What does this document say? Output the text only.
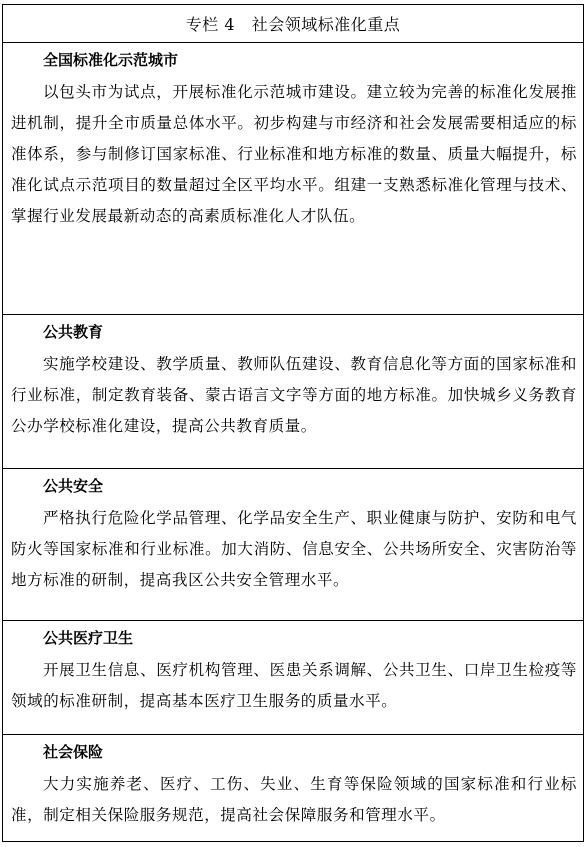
专栏 4   社会领域标准化重点
全国标准化示范城市

以包头市为试点，开展标准化示范城市建设。建立较为完善的标准化发展推进机制，提升全市质量总体水平。初步构建与市经济和社会发展需要相适应的标准体系，参与制修订国家标准、行业标准和地方标准的数量、质量大幅提升，标准化试点示范项目的数量超过全区平均水平。组建一支熟悉标准化管理与技术、掌握行业发展最新动态的高素质标准化人才队伍。

公共教育

实施学校建设、教学质量、教师队伍建设、教育信息化等方面的国家标准和行业标准，制定教育装备、蒙古语言文字等方面的地方标准。加快城乡义务教育公办学校标准化建设，提高公共教育质量。

公共安全

严格执行危险化学品管理、化学品安全生产、职业健康与防护、安防和电气防火等国家标准和行业标准。加大消防、信息安全、公共场所安全、灾害防治等地方标准的研制，提高我区公共安全管理水平。

公共医疗卫生

开展卫生信息、医疗机构管理、医患关系调解、公共卫生、口岸卫生检疫等领域的标准研制，提高基本医疗卫生服务的质量水平。

社会保险

大力实施养老、医疗、工伤、失业、生育等保险领域的国家标准和行业标准，制定相关保险服务规范，提高社会保障服务和管理水平。
